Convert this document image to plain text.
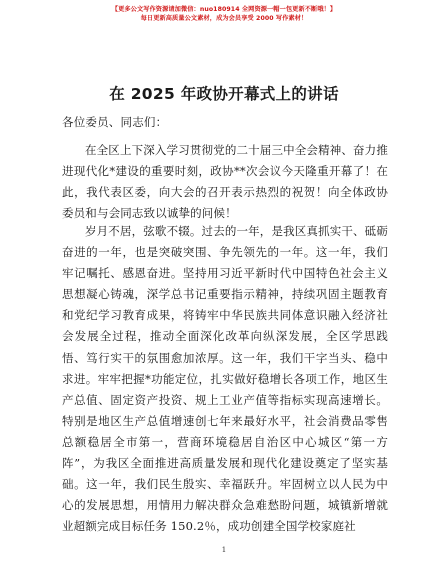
【更多公文写作资源请加微信：nuo180914 全网资源一帽一包更新不断哦！】
每日更新高质量公文素材，成为会员享受 2000 写作素材！
在 2025 年政协开幕式上的讲话
各位委员、同志们：

在全区上下深入学习贯彻党的二十届三中全会精神、奋力推进现代化*建设的重要时刻，政协**次会议今天隆重开幕了！在此，我代表区委，向大会的召开表示热烈的祝贺！向全体政协委员和与会同志致以诚挚的问候！

岁月不居，弦歌不辍。过去的一年，是我区真抓实干、砥砺奋进的一年，也是突破突围、争先领先的一年。这一年，我们牢记嘱托、感恩奋进。坚持用习近平新时代中国特色社会主义思想凝心铸魂，深学总书记重要指示精神，持续巩固主题教育和党纪学习教育成果，将铸牢中华民族共同体意识融入经济社会发展全过程，推动全面深化改革向纵深发展，全区学思践悟、笃行实干的氛围愈加浓厚。这一年，我们干字当头、稳中求进。牢牢把握*功能定位，扎实做好稳增长各项工作，地区生产总值、固定资产投资、规上工业产值等指标实现高速增长。特别是地区生产总值增速创七年来最好水平，社会消费品零售总额稳居全市第一，营商环境稳居自治区中心城区“第一方阵”，为我区全面推进高质量发展和现代化建设奠定了坚实基础。这一年，我们民生殷实、幸福跃升。牢固树立以人民为中心的发展思想，用情用力解决群众急难愁盼问题，城镇新增就业超额完成目标任务 150.2％，成功创建全国学校家庭社

1
